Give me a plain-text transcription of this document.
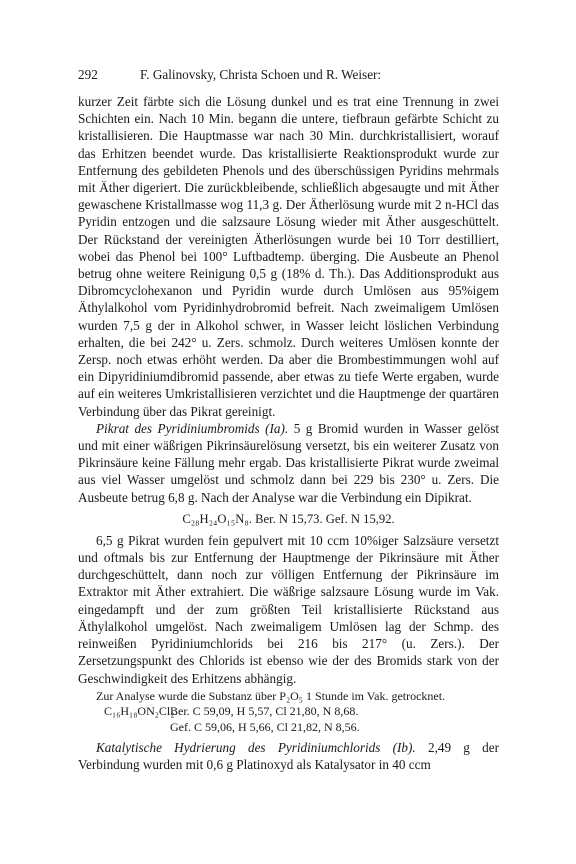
292	F. Galinovsky, Christa Schoen und R. Weiser:

kurzer Zeit färbte sich die Lösung dunkel und es trat eine Trennung in zwei Schichten ein. Nach 10 Min. begann die untere, tiefbraun gefärbte Schicht zu kristallisieren. Die Hauptmasse war nach 30 Min. durchkristallisiert, worauf das Erhitzen beendet wurde. Das kristallisierte Reaktionsprodukt wurde zur Entfernung des gebildeten Phenols und des überschüssigen Pyridins mehrmals mit Äther digeriert. Die zurückbleibende, schließlich abgesaugte und mit Äther gewaschene Kristallmasse wog 11,3 g. Der Ätherlösung wurde mit 2 n-HCl das Pyridin entzogen und die salzsaure Lösung wieder mit Äther ausgeschüttelt. Der Rückstand der vereinigten Ätherlösungen wurde bei 10 Torr destilliert, wobei das Phenol bei 100° Luftbadtemp. überging. Die Ausbeute an Phenol betrug ohne weitere Reinigung 0,5 g (18% d. Th.). Das Additionsprodukt aus Dibromcyclohexanon und Pyridin wurde durch Umlösen aus 95%igem Äthylalkohol vom Pyridinhydrobromid befreit. Nach zweimaligem Umlösen wurden 7,5 g der in Alkohol schwer, in Wasser leicht löslichen Verbindung erhalten, die bei 242° u. Zers. schmolz. Durch weiteres Umlösen konnte der Zersp. noch etwas erhöht werden. Da aber die Brombestimmungen wohl auf ein Dipyridiniumdibromid passende, aber etwas zu tiefe Werte ergaben, wurde auf ein weiteres Umkristallisieren verzichtet und die Hauptmenge der quartären Verbindung über das Pikrat gereinigt.

Pikrat des Pyridiniumbromids (Ia). 5 g Bromid wurden in Wasser gelöst und mit einer wäßrigen Pikrinsäurelösung versetzt, bis ein weiterer Zusatz von Pikrinsäure keine Fällung mehr ergab. Das kristallisierte Pikrat wurde zweimal aus viel Wasser umgelöst und schmolz dann bei 229 bis 230° u. Zers. Die Ausbeute betrug 6,8 g. Nach der Analyse war die Verbindung ein Dipikrat.

C₂₈H₂₄O₁₅N₈. Ber. N 15,73. Gef. N 15,92.

6,5 g Pikrat wurden fein gepulvert mit 10 ccm 10%iger Salzsäure versetzt und oftmals bis zur Entfernung der Hauptmenge der Pikrinsäure mit Äther durchgeschüttelt, dann noch zur völligen Entfernung der Pikrinsäure im Extraktor mit Äther extrahiert. Die wäßrige salzsaure Lösung wurde im Vak. eingedampft und der zum größten Teil kristallisierte Rückstand aus Äthylalkohol umgelöst. Nach zweimaligem Umlösen lag der Schmp. des reinweißen Pyridiniumchlorids bei 216 bis 217° (u. Zers.). Der Zersetzungspunkt des Chlorids ist ebenso wie der des Bromids stark von der Geschwindigkeit des Erhitzens abhängig.

Zur Analyse wurde die Substanz über P₂O₅ 1 Stunde im Vak. getrocknet.

C₁₆H₁₈ON₂Cl₂.
Ber. C 59,09, H 5,57, Cl 21,80, N 8,68.
Gef. C 59,06, H 5,66, Cl 21,82, N 8,56.

Katalytische Hydrierung des Pyridiniumchlorids (Ib). 2,49 g der Verbindung wurden mit 0,6 g Platinoxyd als Katalysator in 40 ccm
